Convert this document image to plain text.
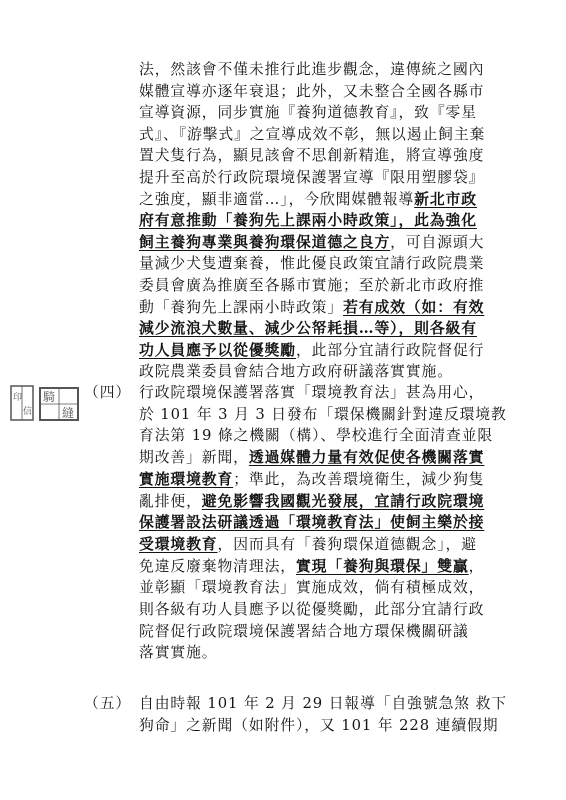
法，然該會不僅未推行此進步觀念，違傳統之國內
媒體宣導亦逐年衰退；此外，又未整合全國各縣市
宣導資源，同步實施『養狗道德教育』，致『零星
式』、『游擊式』之宣導成效不彰，無以遏止飼主棄
置犬隻行為，顯見該會不思創新精進，將宣導強度
提升至高於行政院環境保護署宣導『限用塑膠袋』
之強度，顯非適當…」，今欣聞媒體報導新北市政
府有意推動「養狗先上課兩小時政策」，此為強化
飼主養狗專業與養狗環保道德之良方，可自源頭大
量減少犬隻遭棄養，惟此優良政策宜請行政院農業
委員會廣為推廣至各縣市實施；至於新北市政府推
動「養狗先上課兩小時政策」若有成效（如：有效
減少流浪犬數量、減少公帑耗損…等），則各級有
功人員應予以從優獎勵，此部分宜請行政院督促行
政院農業委員會結合地方政府研議落實實施。
（四） 行政院環境保護署落實「環境教育法」甚為用心，
於 101 年 3 月 3 日發布「環保機關針對違反環境教
育法第 19 條之機關（構）、學校進行全面清查並限
期改善」新聞，透過媒體力量有效促使各機關落實
實施環境教育；準此，為改善環境衛生，減少狗隻
亂排便，避免影響我國觀光發展，宜請行政院環境
保護署設法研議透過「環境教育法」使飼主樂於接
受環境教育，因而具有「養狗環保道德觀念」，避
免違反廢棄物清理法，實現「養狗與環保」雙贏，
並彰顯「環境教育法」實施成效，倘有積極成效，
則各級有功人員應予以從優獎勵，此部分宜請行政
院督促行政院環境保護署結合地方環保機關研議
落實實施。
（五） 自由時報 101 年 2 月 29 日報導「自強號急煞 救下
狗命」之新聞（如附件），又 101 年 228 連續假期
印
信
騎
縫
